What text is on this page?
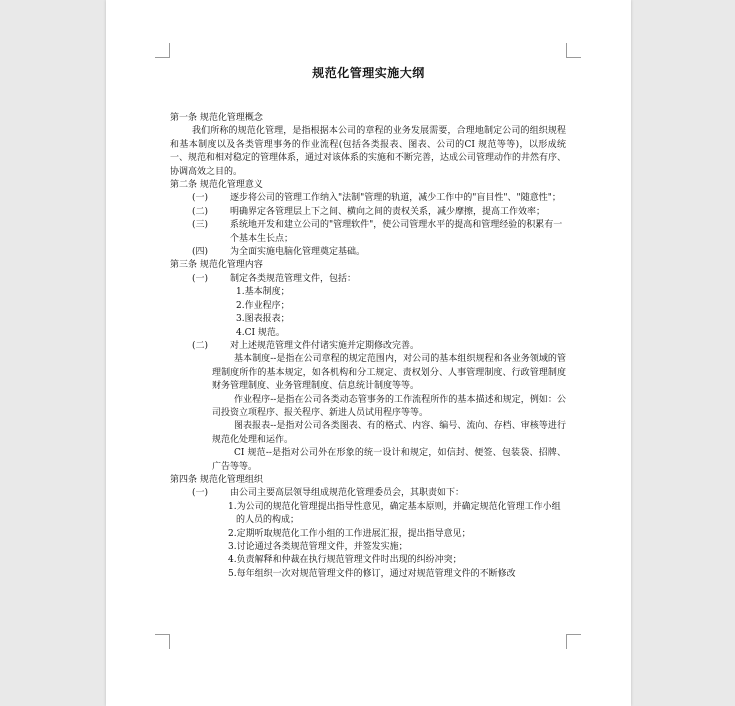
规范化管理实施大纲

第一条 规范化管理概念

我们所称的规范化管理，是指根据本公司的章程的业务发展需要，合理地制定公司的组织规程和基本制度以及各类管理事务的作业流程(包括各类报表、图表、公司的CI 规范等等)，以形成统一、规范和相对稳定的管理体系，通过对该体系的实施和不断完善，达成公司管理动作的井然有序、协调高效之目的。

第二条 规范化管理意义

(一)	逐步将公司的管理工作纳入"法制"管理的轨道，减少工作中的"盲目性"、"随意性"；
(二)	明确界定各管理层上下之间、横向之间的责权关系，减少摩擦，提高工作效率；
(三)	系统地开发和建立公司的"管理软件"，使公司管理水平的提高和管理经验的积累有一个基本生长点；
(四)	为全面实施电脑化管理奠定基础。

第三条 规范化管理内容

(一)	制定各类规范管理文件，包括：

1.基本制度；

2.作业程序；

3.图表报表；

4.CI 规范。

(二)	对上述规范管理文件付诸实施并定期修改完善。

基本制度--是指在公司章程的规定范围内，对公司的基本组织规程和各业务领域的管理制度所作的基本规定，如各机构和分工规定、责权划分、人事管理制度、行政管理制度财务管理制度、业务管理制度、信息统计制度等等。

作业程序--是指在公司各类动态管事务的工作流程所作的基本描述和规定，例如：公司投资立项程序、报关程序、新进人员试用程序等等。

图表报表--是指对公司各类图表、有的格式、内容、编号、流向、存档、审核等进行规范化处理和运作。

CI 规范--是指对公司外在形象的统一设计和规定，如信封、便签、包装袋、招牌、广告等等。

第四条 规范化管理组织

(一)	由公司主要高层领导组成规范化管理委员会，其职责如下：

1.为公司的规范化管理提出指导性意见，确定基本原则，并确定规范化管理工作小组的人员的构成；

2.定期听取规范化工作小组的工作进展汇报，提出指导意见；

3.讨论通过各类规范管理文件，并签发实施；

4.负责解释和仲裁在执行规范管理文件时出现的纠纷冲突；

5.每年组织一次对规范管理文件的修订，通过对规范管理文件的不断修改
